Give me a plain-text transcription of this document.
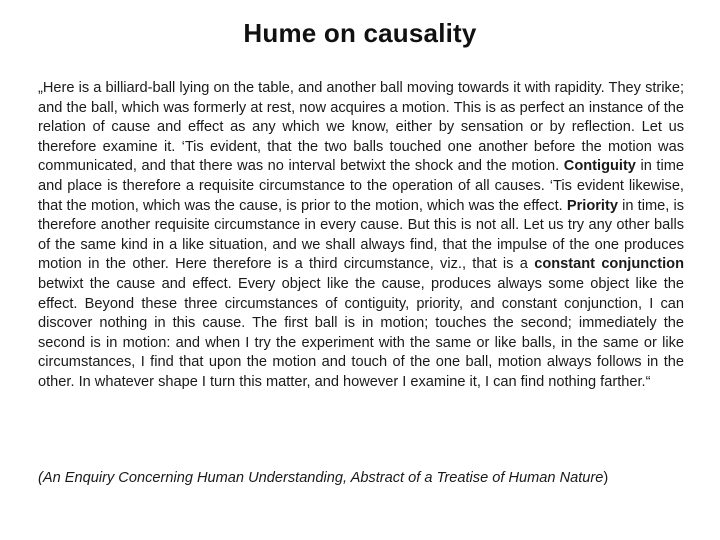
Hume on causality
„Here is a billiard-ball lying on the table, and another ball moving towards it with rapidity. They strike; and the ball, which was formerly at rest, now acquires a motion. This is as perfect an instance of the relation of cause and effect as any which we know, either by sensation or by reflection. Let us therefore examine it. ‘Tis evident, that the two balls touched one another before the motion was communicated, and that there was no interval betwixt the shock and the motion. Contiguity in time and place is therefore a requisite circumstance to the operation of all causes. ‘Tis evident likewise, that the motion, which was the cause, is prior to the motion, which was the effect. Priority in time, is therefore another requisite circumstance in every cause. But this is not all. Let us try any other balls of the same kind in a like situation, and we shall always find, that the impulse of the one produces motion in the other. Here therefore is a third circumstance, viz., that is a constant conjunction betwixt the cause and effect. Every object like the cause, produces always some object like the effect. Beyond these three circumstances of contiguity, priority, and constant conjunction, I can discover nothing in this cause. The first ball is in motion; touches the second; immediately the second is in motion: and when I try the experiment with the same or like balls, in the same or like circumstances, I find that upon the motion and touch of the one ball, motion always follows in the other. In whatever shape I turn this matter, and however I examine it, I can find nothing farther.“
(An Enquiry Concerning Human Understanding, Abstract of a Treatise of Human Nature)
